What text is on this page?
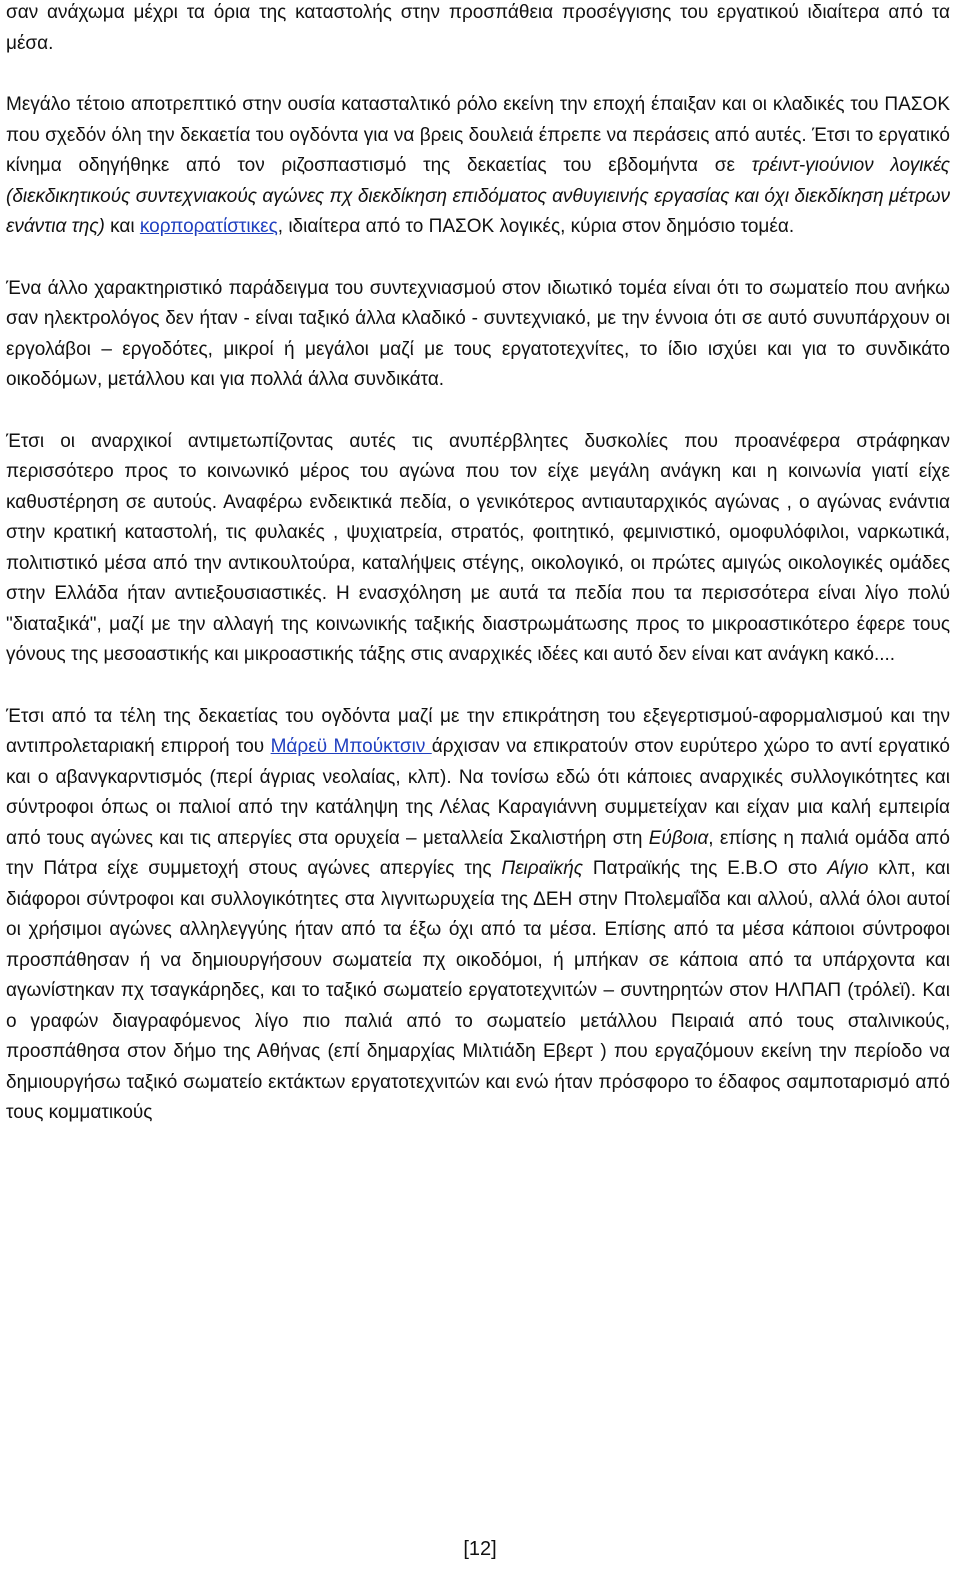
σαν ανάχωμα μέχρι τα όρια της καταστολής στην προσπάθεια προσέγγισης του εργατικού ιδιαίτερα από τα μέσα.

Μεγάλο τέτοιο αποτρεπτικό στην ουσία κατασταλτικό ρόλο εκείνη την εποχή έπαιξαν και οι κλαδικές του ΠΑΣΟΚ που σχεδόν όλη την δεκαετία του ογδόντα για να βρεις δουλειά έπρεπε να περάσεις από αυτές. Έτσι το εργατικό κίνημα οδηγήθηκε από τον ριζοσπαστισμό της δεκαετίας του εβδομήντα σε τρέιντ-γιούνιον λογικές (διεκδικητικούς συντεχνιακούς αγώνες πχ διεκδίκηση επιδόματος ανθυγιεινής εργασίας και όχι διεκδίκηση μέτρων ενάντια της) και κορπορατίστικες, ιδιαίτερα από το ΠΑΣΟΚ λογικές, κύρια στον δημόσιο τομέα.

Ένα άλλο χαρακτηριστικό παράδειγμα του συντεχνιασμού στον ιδιωτικό τομέα είναι ότι το σωματείο που ανήκω σαν ηλεκτρολόγος δεν ήταν - είναι ταξικό άλλα κλαδικό - συντεχνιακό, με την έννοια ότι σε αυτό συνυπάρχουν οι εργολάβοι – εργοδότες, μικροί ή μεγάλοι μαζί με τους εργατοτεχνίτες, το ίδιο ισχύει και για το συνδικάτο οικοδόμων, μετάλλου και για πολλά άλλα συνδικάτα.

Έτσι οι αναρχικοί αντιμετωπίζοντας αυτές τις ανυπέρβλητες δυσκολίες που προανέφερα στράφηκαν περισσότερο προς το κοινωνικό μέρος του αγώνα που τον είχε μεγάλη ανάγκη και η κοινωνία γιατί είχε καθυστέρηση σε αυτούς. Αναφέρω ενδεικτικά πεδία, ο γενικότερος αντιαυταρχικός αγώνας , ο αγώνας ενάντια στην κρατική καταστολή, τις φυλακές , ψυχιατρεία, στρατός, φοιτητικό, φεμινιστικό, ομοφυλόφιλοι, ναρκωτικά, πολιτιστικό μέσα από την αντικουλτούρα, καταλήψεις στέγης, οικολογικό, οι πρώτες αμιγώς οικολογικές ομάδες στην Ελλάδα ήταν αντιεξουσιαστικές. Η ενασχόληση με αυτά τα πεδία που τα περισσότερα είναι λίγο πολύ "διαταξικά", μαζί με την αλλαγή της κοινωνικής ταξικής διαστρωμάτωσης προς το μικροαστικότερο έφερε τους γόνους της μεσοαστικής και μικροαστικής τάξης στις αναρχικές ιδέες και αυτό δεν είναι κατ ανάγκη κακό....

Έτσι από τα τέλη της δεκαετίας του ογδόντα μαζί με την επικράτηση του εξεγερτισμού-αφορμαλισμού και την αντιπρολεταριακή επιρροή του Μάρεϋ Μπούκτσιν άρχισαν να επικρατούν στον ευρύτερο χώρο το αντί εργατικό και ο αβανγκαρντισμός (περί άγριας νεολαίας, κλπ). Να τονίσω εδώ ότι κάποιες αναρχικές συλλογικότητες και σύντροφοι όπως οι παλιοί από την κατάληψη της Λέλας Καραγιάννη συμμετείχαν και είχαν μια καλή εμπειρία από τους αγώνες και τις απεργίες στα ορυχεία – μεταλλεία Σκαλιστήρη στη Εύβοια, επίσης η παλιά ομάδα από την Πάτρα είχε συμμετοχή στους αγώνες απεργίες της Πειραϊκής Πατραϊκής της Ε.Β.Ο στο Αίγιο κλπ, και διάφοροι σύντροφοι και συλλογικότητες στα λιγνιτωρυχεία της ΔΕΗ στην Πτολεμαΐδα και αλλού, αλλά όλοι αυτοί οι χρήσιμοι αγώνες αλληλεγγύης ήταν από τα έξω όχι από τα μέσα. Επίσης από τα μέσα κάποιοι σύντροφοι προσπάθησαν ή να δημιουργήσουν σωματεία πχ οικοδόμοι, ή μπήκαν σε κάποια από τα υπάρχοντα και αγωνίστηκαν πχ τσαγκάρηδες, και το ταξικό σωματείο εργατοτεχνιτών – συντηρητών στον ΗΛΠΑΠ (τρόλεϊ). Και ο γραφών διαγραφόμενος λίγο πιο παλιά από το σωματείο μετάλλου Πειραιά από τους σταλινικούς, προσπάθησα στον δήμο της Αθήνας (επί δημαρχίας Μιλτιάδη Εβερτ ) που εργαζόμουν εκείνη την περίοδο να δημιουργήσω ταξικό σωματείο εκτάκτων εργατοτεχνιτών και ενώ ήταν πρόσφορο το έδαφος σαμποταρισμό από τους κομματικούς

[12]
